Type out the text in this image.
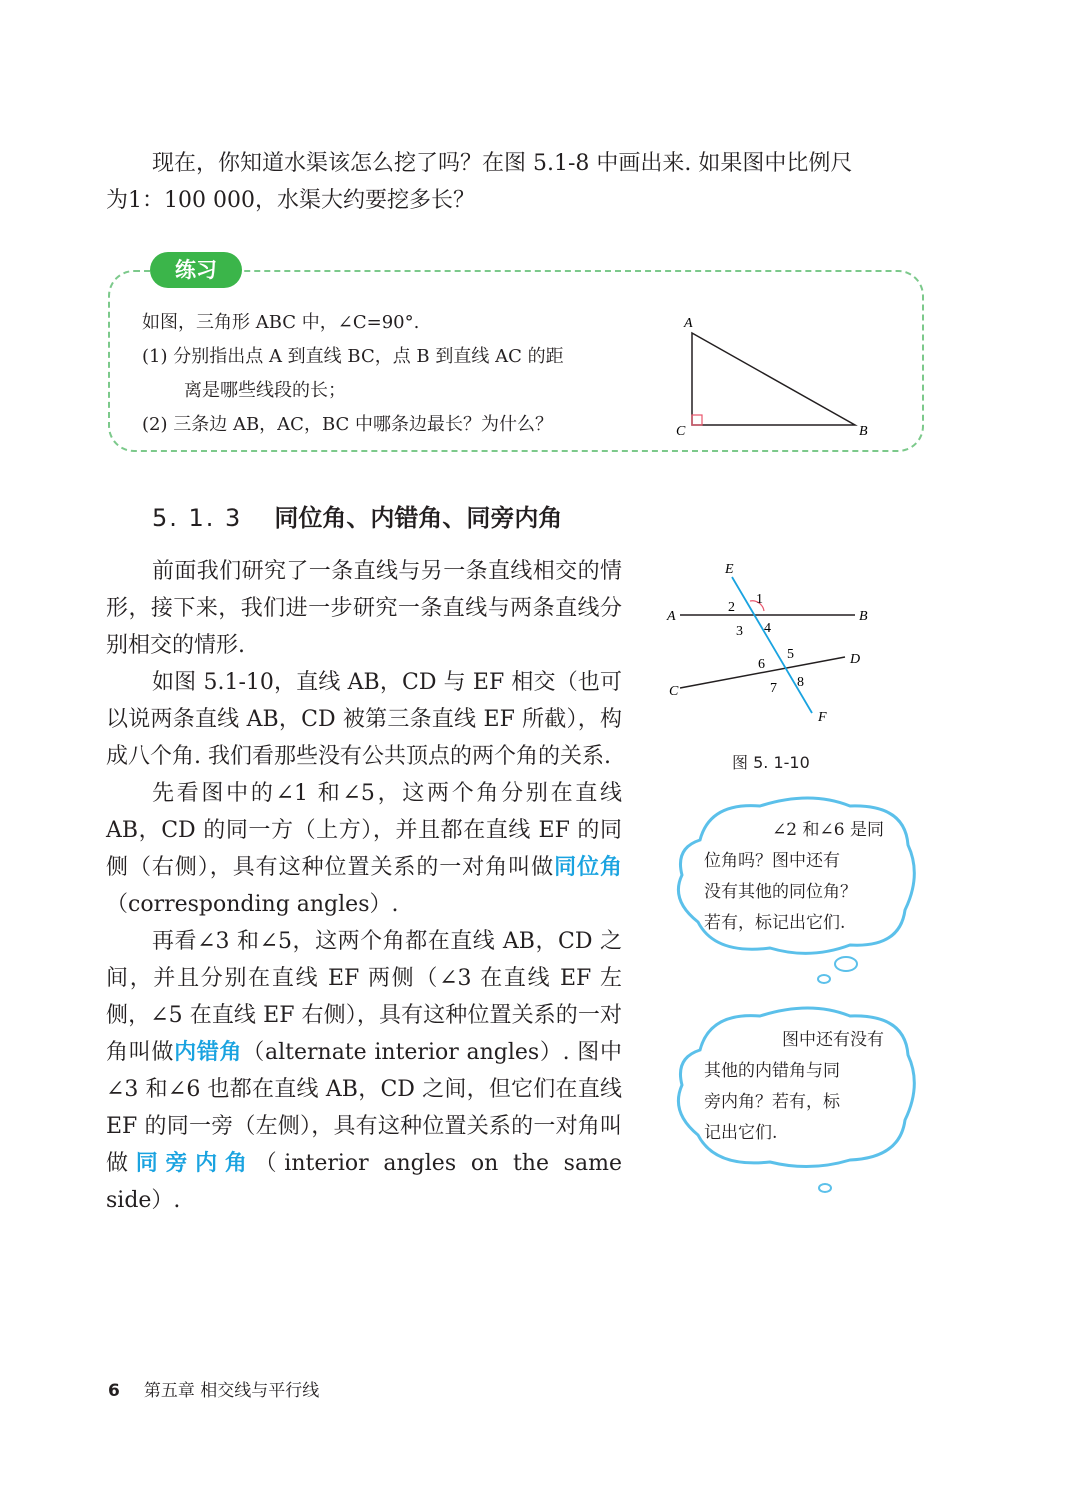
现在，你知道水渠该怎么挖了吗？在图 5.1-8 中画出来. 如果图中比例尺
为1：100 000，水渠大约要挖多长？
练习
如图，三角形 ABC 中，∠C=90°.
(1) 分别指出点 A 到直线 BC，点 B 到直线 AC 的距
离是哪些线段的长；
(2) 三条边 AB，AC，BC 中哪条边最长？为什么？
A
B
C
5. 1. 3 同位角、内错角、同旁内角

前面我们研究了一条直线与另一条直线相交的情形，接下来，我们进一步研究一条直线与两条直线分别相交的情形.

如图 5.1-10，直线 AB，CD 与 EF 相交（也可以说两条直线 AB，CD 被第三条直线 EF 所截），构成八个角. 我们看那些没有公共顶点的两个角的关系.

先看图中的∠1 和∠5，这两个角分别在直线 AB，CD 的同一方（上方），并且都在直线 EF 的同侧（右侧），具有这种位置关系的一对角叫做同位角（corresponding angles）.

再看∠3 和∠5，这两个角都在直线 AB，CD 之间，并且分别在直线 EF 两侧（∠3 在直线 EF 左侧，∠5 在直线 EF 右侧），具有这种位置关系的一对角叫做内错角（alternate interior angles）. 图中∠3 和∠6 也都在直线 AB，CD 之间，但它们在直线 EF 的同一旁（左侧），具有这种位置关系的一对角叫做同旁内角（interior angles on the same side）.

E
A	B
C
D
F
1
2
3 4
5
6
7 8
图 5. 1-10
∠2 和∠6 是同
位角吗？图中还有
没有其他的同位角？
若有，标记出它们.
图中还有没有
其他的内错角与同
旁内角？若有，标
记出它们.
6 第五章 相交线与平行线
